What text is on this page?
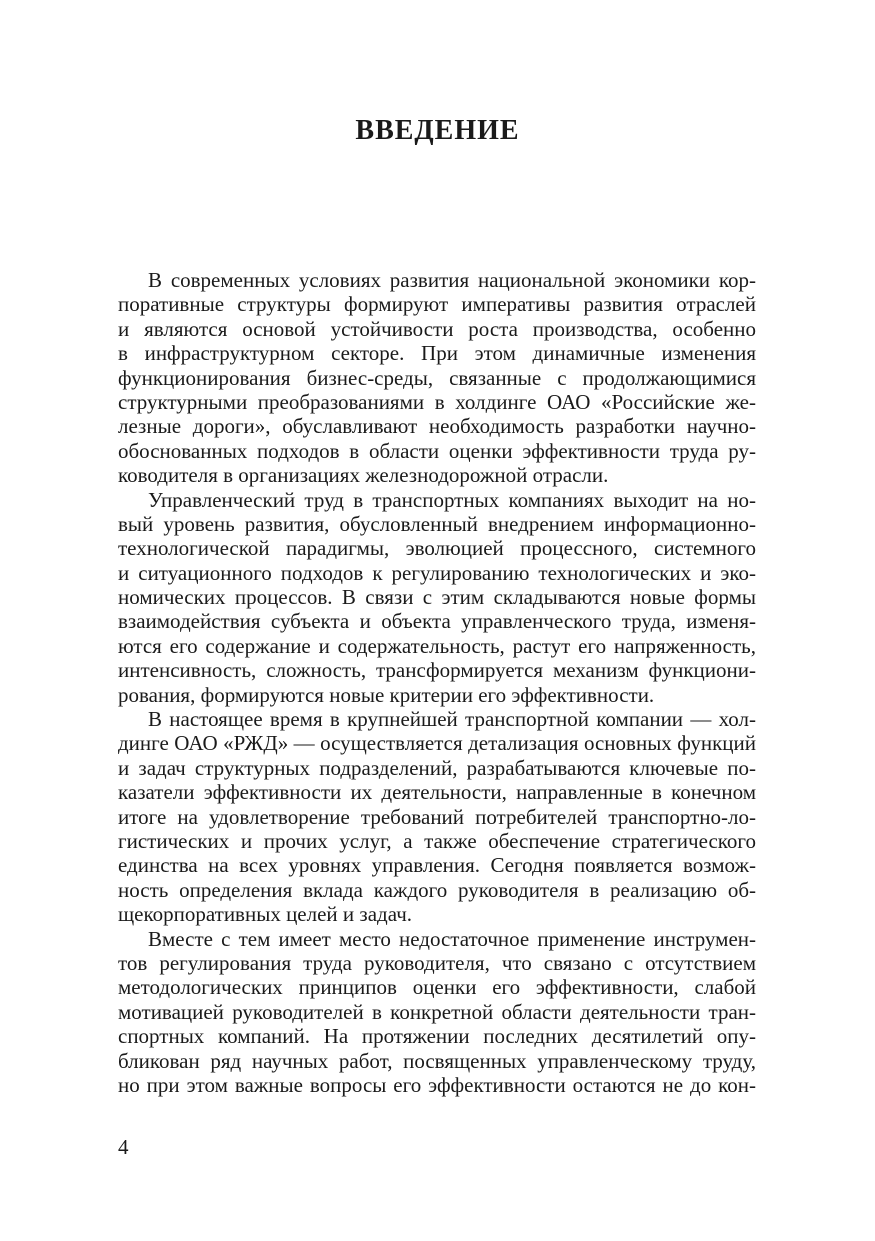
ВВЕДЕНИЕ

В современных условиях развития национальной экономики кор-
поративные структуры формируют императивы развития отраслей
и являются основой устойчивости роста производства, особенно
в инфраструктурном секторе. При этом динамичные изменения
функционирования бизнес-среды, связанные с продолжающимися
структурными преобразованиями в холдинге ОАО «Российские же-
лезные дороги», обуславливают необходимость разработки научно-
обоснованных подходов в области оценки эффективности труда ру-
ководителя в организациях железнодорожной отрасли.

Управленческий труд в транспортных компаниях выходит на но-
вый уровень развития, обусловленный внедрением информационно-
технологической парадигмы, эволюцией процессного, системного
и ситуационного подходов к регулированию технологических и эко-
номических процессов. В связи с этим складываются новые формы
взаимодействия субъекта и объекта управленческого труда, изменя-
ются его содержание и содержательность, растут его напряженность,
интенсивность, сложность, трансформируется механизм функциони-
рования, формируются новые критерии его эффективности.

В настоящее время в крупнейшей транспортной компании — хол-
динге ОАО «РЖД» — осуществляется детализация основных функций
и задач структурных подразделений, разрабатываются ключевые по-
казатели эффективности их деятельности, направленные в конечном
итоге на удовлетворение требований потребителей транспортно-ло-
гистических и прочих услуг, а также обеспечение стратегического
единства на всех уровнях управления. Сегодня появляется возмож-
ность определения вклада каждого руководителя в реализацию об-
щекорпоративных целей и задач.

Вместе с тем имеет место недостаточное применение инструмен-
тов регулирования труда руководителя, что связано с отсутствием
методологических принципов оценки его эффективности, слабой
мотивацией руководителей в конкретной области деятельности тран-
спортных компаний. На протяжении последних десятилетий опу-
бликован ряд научных работ, посвященных управленческому труду,
но при этом важные вопросы его эффективности остаются не до кон-

4
